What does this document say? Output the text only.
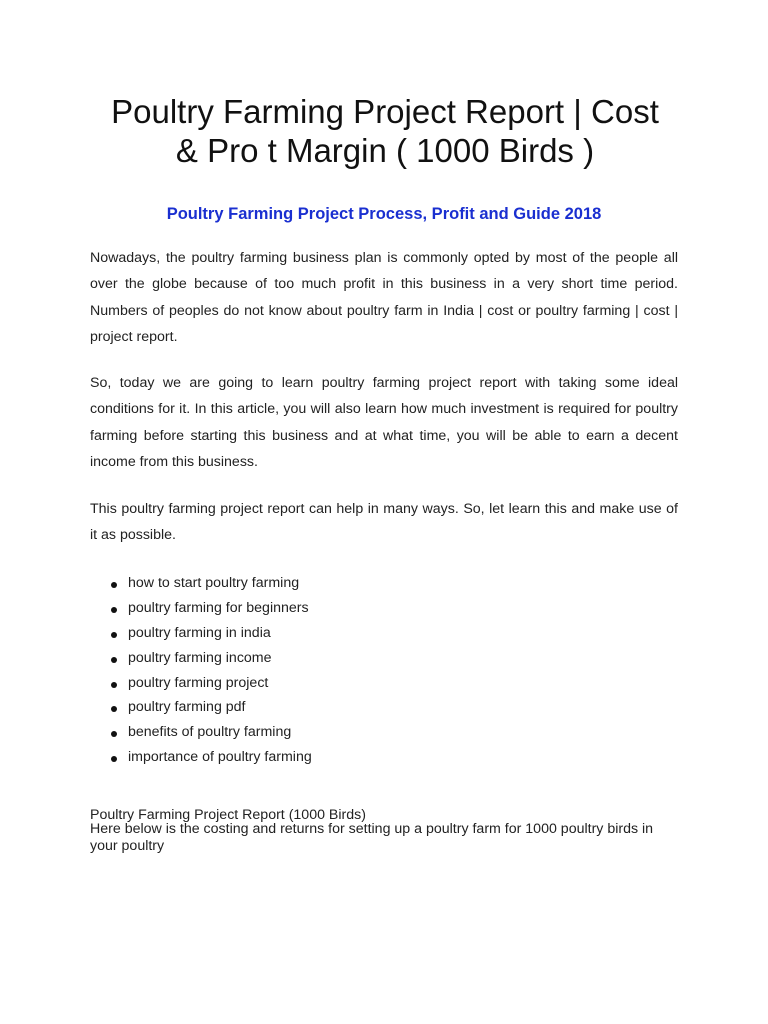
Poultry Farming Project Report | Cost
& Pro t Margin ( 1000 Birds )
Poultry Farming Project Process, Profit and Guide 2018

Nowadays, the poultry farming business plan is commonly opted by most of the people all over the globe because of too much profit in this business in a very short time period. Numbers of peoples do not know about poultry farm in India | cost or poultry farming | cost | project report.

So, today we are going to learn poultry farming project report with taking some ideal conditions for it. In this article, you will also learn how much investment is required for poultry farming before starting this business and at what time, you will be able to earn a decent income from this business.

This poultry farming project report can help in many ways. So, let learn this and make use of it as possible.

how to start poultry farming
poultry farming for beginners
poultry farming in india
poultry farming income
poultry farming project
poultry farming pdf
benefits of poultry farming
importance of poultry farming

Poultry Farming Project Report (1000 Birds)

Here below is the costing and returns for setting up a poultry farm for 1000 poultry birds in your poultry
